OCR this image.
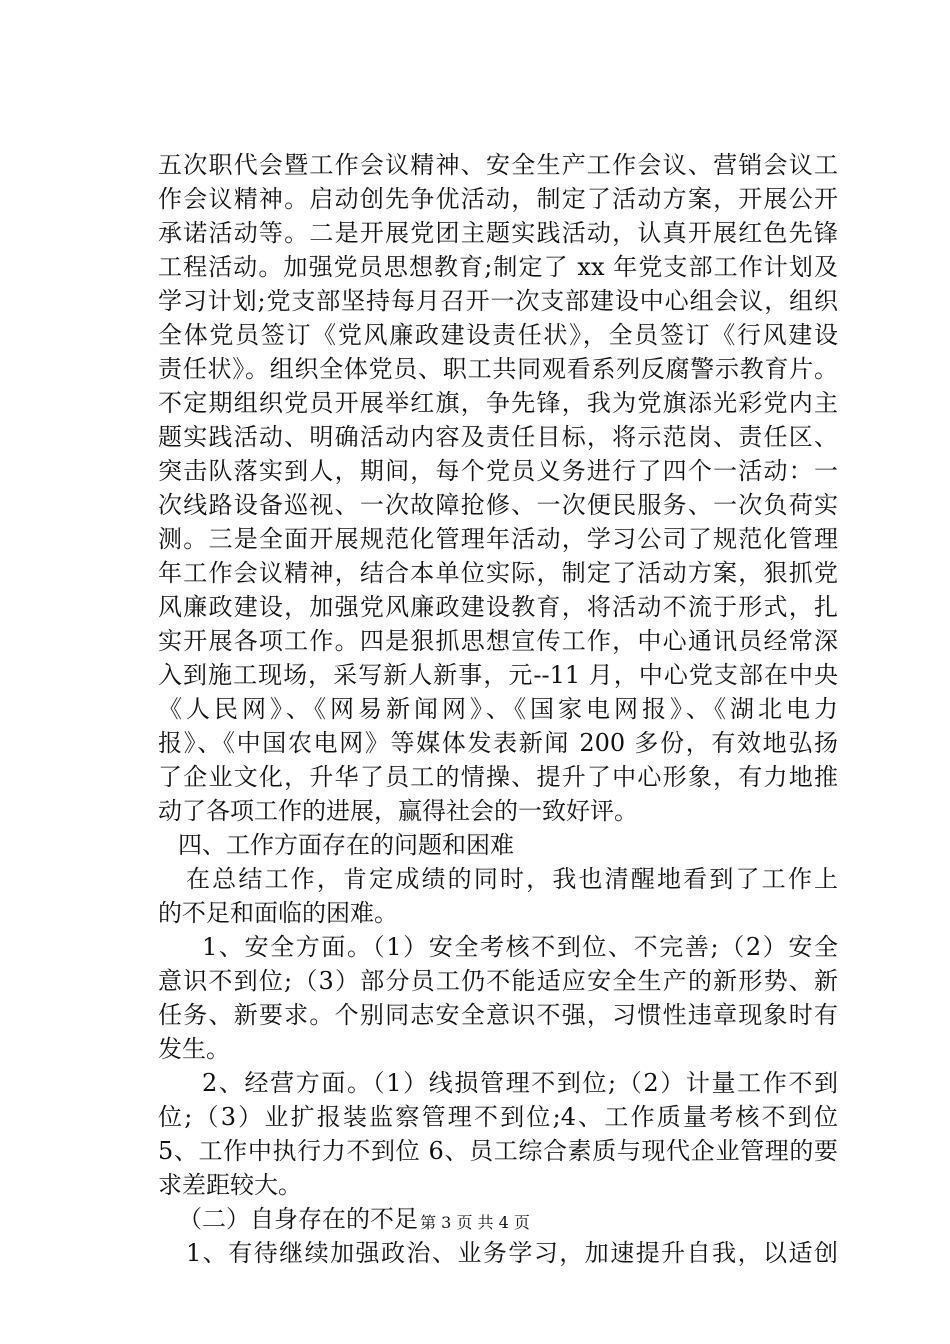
五次职代会暨工作会议精神、安全生产工作会议、营销会议工
作会议精神。启动创先争优活动，制定了活动方案，开展公开
承诺活动等。二是开展党团主题实践活动，认真开展红色先锋
工程活动。加强党员思想教育;制定了 xx 年党支部工作计划及
学习计划;党支部坚持每月召开一次支部建设中心组会议，组织
全体党员签订《党风廉政建设责任状》，全员签订《行风建设
责任状》。组织全体党员、职工共同观看系列反腐警示教育片。
不定期组织党员开展举红旗，争先锋，我为党旗添光彩党内主
题实践活动、明确活动内容及责任目标，将示范岗、责任区、
突击队落实到人，期间，每个党员义务进行了四个一活动：一
次线路设备巡视、一次故障抢修、一次便民服务、一次负荷实
测。三是全面开展规范化管理年活动，学习公司了规范化管理
年工作会议精神，结合本单位实际，制定了活动方案，狠抓党
风廉政建设，加强党风廉政建设教育，将活动不流于形式，扎
实开展各项工作。四是狠抓思想宣传工作，中心通讯员经常深
入到施工现场，采写新人新事，元--11 月，中心党支部在中央
《人民网》、《网易新闻网》、《国家电网报》、《湖北电力
报》、《中国农电网》等媒体发表新闻 200 多份，有效地弘扬
了企业文化，升华了员工的情操、提升了中心形象，有力地推
动了各项工作的进展，赢得社会的一致好评。
四、工作方面存在的问题和困难
在总结工作，肯定成绩的同时，我也清醒地看到了工作上
的不足和面临的困难。
1、安全方面。（1）安全考核不到位、不完善;（2）安全
意识不到位;（3）部分员工仍不能适应安全生产的新形势、新
任务、新要求。个别同志安全意识不强，习惯性违章现象时有
发生。
2、经营方面。（1）线损管理不到位;（2）计量工作不到
位;（3）业扩报装监察管理不到位;4、工作质量考核不到位
5、工作中执行力不到位 6、员工综合素质与现代企业管理的要
求差距较大。
（二）自身存在的不足
1、有待继续加强政治、业务学习，加速提升自我，以适创
第 3 页 共 4 页
